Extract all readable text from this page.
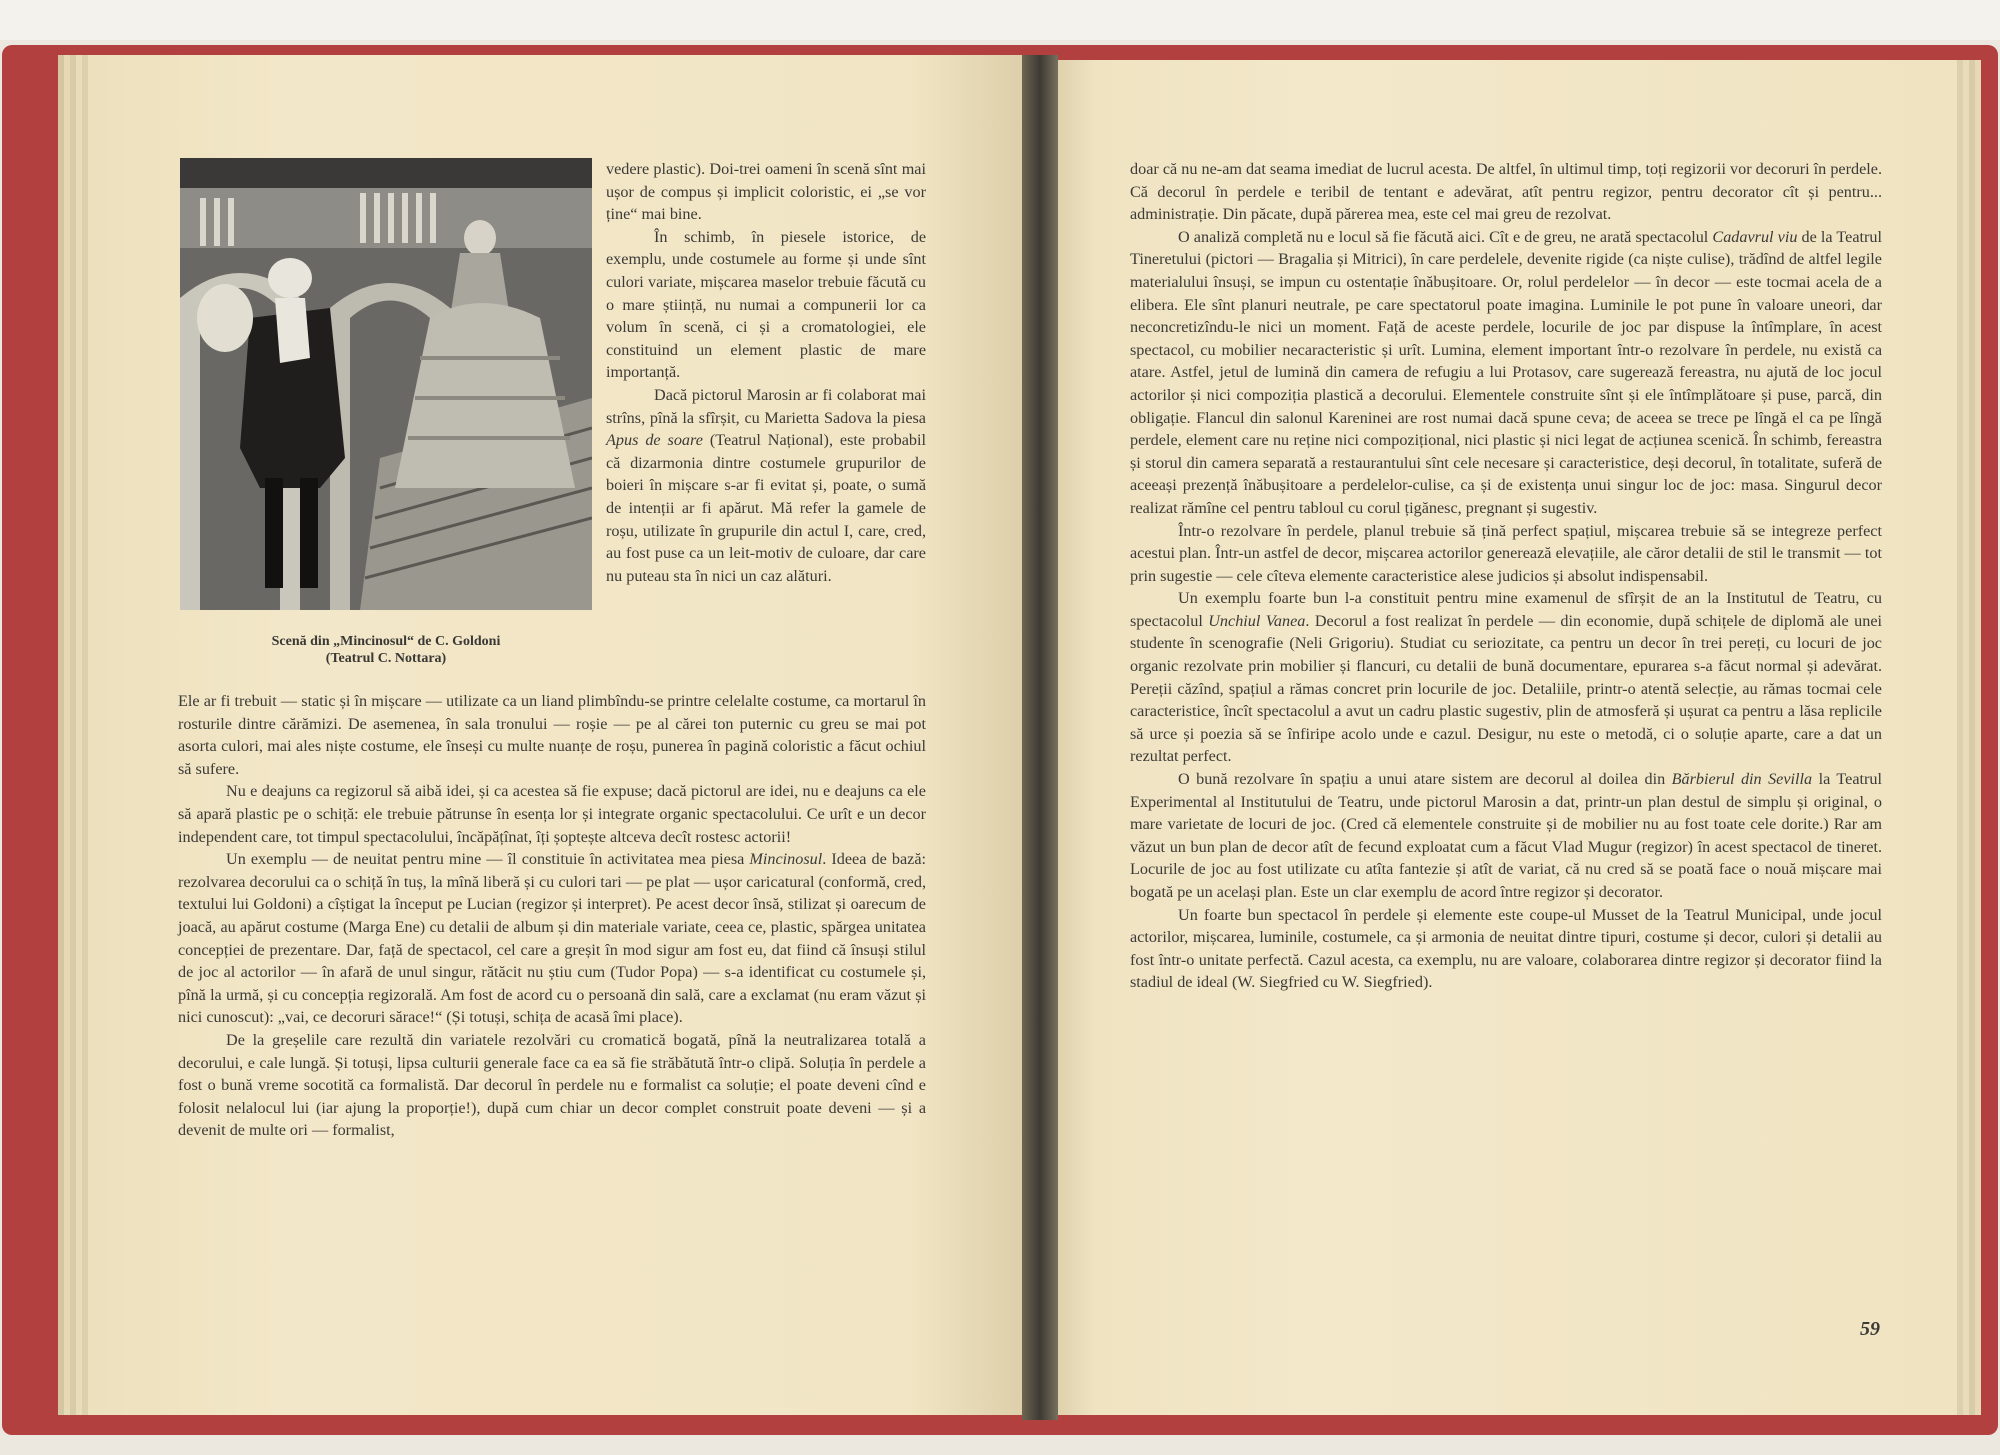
Scenă din „Mincinosul“ de C. Goldoni
(Teatrul C. Nottara)

vedere plastic). Doi-trei oameni în scenă sînt mai ușor de compus și implicit coloristic, ei „se vor ține“ mai bine.

În schimb, în piesele istorice, de exemplu, unde costumele au forme și unde sînt culori variate, mișcarea maselor trebuie făcută cu o mare știință, nu numai a compunerii lor ca volum în scenă, ci și a cromatologiei, ele constituind un element plastic de mare importanță.

Dacă pictorul Marosin ar fi colaborat mai strîns, pînă la sfîrșit, cu Marietta Sadova la piesa Apus de soare (Teatrul Național), este probabil că dizarmonia dintre costumele grupurilor de boieri în mișcare s-ar fi evitat și, poate, o sumă de intenții ar fi apărut. Mă refer la gamele de roșu, utilizate în grupurile din actul I, care, cred, au fost puse ca un leit-motiv de culoare, dar care nu puteau sta în nici un caz alături.

Ele ar fi trebuit — static și în mișcare — utilizate ca un liand plimbîndu-se printre celelalte costume, ca mortarul în rosturile dintre cărămizi. De asemenea, în sala tronului — roșie — pe al cărei ton puternic cu greu se mai pot asorta culori, mai ales niște costume, ele înseși cu multe nuanțe de roșu, punerea în pagină coloristic a făcut ochiul să sufere.

Nu e deajuns ca regizorul să aibă idei, și ca acestea să fie expuse; dacă pictorul are idei, nu e deajuns ca ele să apară plastic pe o schiță: ele trebuie pătrunse în esența lor și integrate organic spectacolului. Ce urît e un decor independent care, tot timpul spectacolului, încăpățînat, îți șoptește altceva decît rostesc actorii!

Un exemplu — de neuitat pentru mine — îl constituie în activitatea mea piesa Mincinosul. Ideea de bază: rezolvarea decorului ca o schiță în tuș, la mînă liberă și cu culori tari — pe plat — ușor caricatural (conformă, cred, textului lui Goldoni) a cîștigat la început pe Lucian (regizor și interpret). Pe acest decor însă, stilizat și oarecum de joacă, au apărut costume (Marga Ene) cu detalii de album și din materiale variate, ceea ce, plastic, spărgea unitatea concepției de prezentare. Dar, față de spectacol, cel care a greșit în mod sigur am fost eu, dat fiind că însuși stilul de joc al actorilor — în afară de unul singur, rătăcit nu știu cum (Tudor Popa) — s-a identificat cu costumele și, pînă la urmă, și cu concepția regizorală. Am fost de acord cu o persoană din sală, care a exclamat (nu eram văzut și nici cunoscut): „vai, ce decoruri sărace!“ (Și totuși, schița de acasă îmi place).

De la greșelile care rezultă din variatele rezolvări cu cromatică bogată, pînă la neutralizarea totală a decorului, e cale lungă. Și totuși, lipsa culturii generale face ca ea să fie străbătută într-o clipă. Soluția în perdele a fost o bună vreme socotită ca formalistă. Dar decorul în perdele nu e formalist ca soluție; el poate deveni cînd e folosit nelalocul lui (iar ajung la proporție!), după cum chiar un decor complet construit poate deveni — și a devenit de multe ori — formalist,

doar că nu ne-am dat seama imediat de lucrul acesta. De altfel, în ultimul timp, toți regizorii vor decoruri în perdele. Că decorul în perdele e teribil de tentant e adevărat, atît pentru regizor, pentru decorator cît și pentru... administrație. Din păcate, după părerea mea, este cel mai greu de rezolvat.

O analiză completă nu e locul să fie făcută aici. Cît e de greu, ne arată spectacolul Cadavrul viu de la Teatrul Tineretului (pictori — Bragalia și Mitrici), în care perdelele, devenite rigide (ca niște culise), trădînd de altfel legile materialului însuși, se impun cu ostentație înăbușitoare. Or, rolul perdelelor — în decor — este tocmai acela de a elibera. Ele sînt planuri neutrale, pe care spectatorul poate imagina. Luminile le pot pune în valoare uneori, dar neconcretizîndu-le nici un moment. Față de aceste perdele, locurile de joc par dispuse la întîmplare, în acest spectacol, cu mobilier necaracteristic și urît. Lumina, element important într-o rezolvare în perdele, nu există ca atare. Astfel, jetul de lumină din camera de refugiu a lui Protasov, care sugerează fereastra, nu ajută de loc jocul actorilor și nici compoziția plastică a decorului. Elementele construite sînt și ele întîmplătoare și puse, parcă, din obligație. Flancul din salonul Kareninei are rost numai dacă spune ceva; de aceea se trece pe lîngă el ca pe lîngă perdele, element care nu reține nici compozițional, nici plastic și nici legat de acțiunea scenică. În schimb, fereastra și storul din camera separată a restaurantului sînt cele necesare și caracteristice, deși decorul, în totalitate, suferă de aceeași prezență înăbușitoare a perdelelor-culise, ca și de existența unui singur loc de joc: masa. Singurul decor realizat rămîne cel pentru tabloul cu corul țigănesc, pregnant și sugestiv.

Într-o rezolvare în perdele, planul trebuie să țină perfect spațiul, mișcarea trebuie să se integreze perfect acestui plan. Într-un astfel de decor, mișcarea actorilor generează elevațiile, ale căror detalii de stil le transmit — tot prin sugestie — cele cîteva elemente caracteristice alese judicios și absolut indispensabil.

Un exemplu foarte bun l-a constituit pentru mine examenul de sfîrșit de an la Institutul de Teatru, cu spectacolul Unchiul Vanea. Decorul a fost realizat în perdele — din economie, după schițele de diplomă ale unei studente în scenografie (Neli Grigoriu). Studiat cu seriozitate, ca pentru un decor în trei pereți, cu locuri de joc organic rezolvate prin mobilier și flancuri, cu detalii de bună documentare, epurarea s-a făcut normal și adevărat. Pereții căzînd, spațiul a rămas concret prin locurile de joc. Detaliile, printr-o atentă selecție, au rămas tocmai cele caracteristice, încît spectacolul a avut un cadru plastic sugestiv, plin de atmosferă și ușurat ca pentru a lăsa replicile să urce și poezia să se înfiripe acolo unde e cazul. Desigur, nu este o metodă, ci o soluție aparte, care a dat un rezultat perfect.

O bună rezolvare în spațiu a unui atare sistem are decorul al doilea din Bărbierul din Sevilla la Teatrul Experimental al Institutului de Teatru, unde pictorul Marosin a dat, printr-un plan destul de simplu și original, o mare varietate de locuri de joc. (Cred că elementele construite și de mobilier nu au fost toate cele dorite.) Rar am văzut un bun plan de decor atît de fecund exploatat cum a făcut Vlad Mugur (regizor) în acest spectacol de tineret. Locurile de joc au fost utilizate cu atîta fantezie și atît de variat, că nu cred să se poată face o nouă mișcare mai bogată pe un același plan. Este un clar exemplu de acord între regizor și decorator.

Un foarte bun spectacol în perdele și elemente este coupe-ul Musset de la Teatrul Municipal, unde jocul actorilor, mișcarea, luminile, costumele, ca și armonia de neuitat dintre tipuri, costume și decor, culori și detalii au fost într-o unitate perfectă. Cazul acesta, ca exemplu, nu are valoare, colaborarea dintre regizor și decorator fiind la stadiul de ideal (W. Siegfried cu W. Siegfried).

59
